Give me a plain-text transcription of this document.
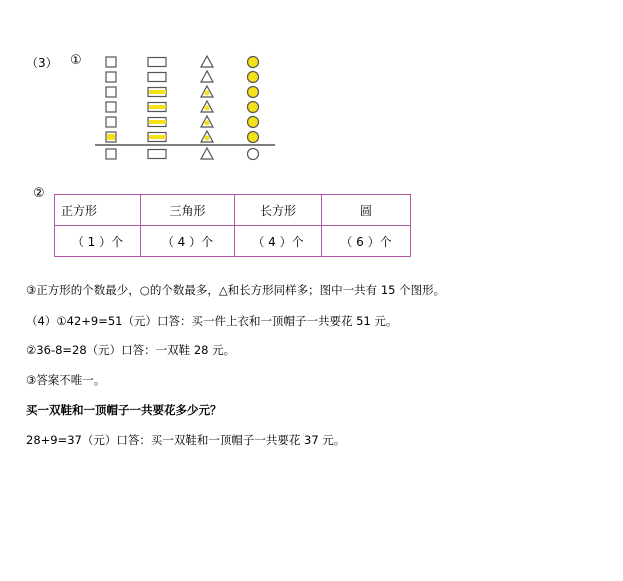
（3） ①
②
正方形	三角形	长方形	圆
（ 1 ）个	（ 4 ）个	（ 4 ）个	（ 6 ）个
③正方形的个数最少，○的个数最多，△和长方形同样多；图中一共有 15 个图形。
（4）①42+9=51（元）口答：买一件上衣和一顶帽子一共要花 51 元。
②36-8=28（元）口答：一双鞋 28 元。
③答案不唯一。
买一双鞋和一顶帽子一共要花多少元？
28+9=37（元）口答：买一双鞋和一顶帽子一共要花 37 元。
